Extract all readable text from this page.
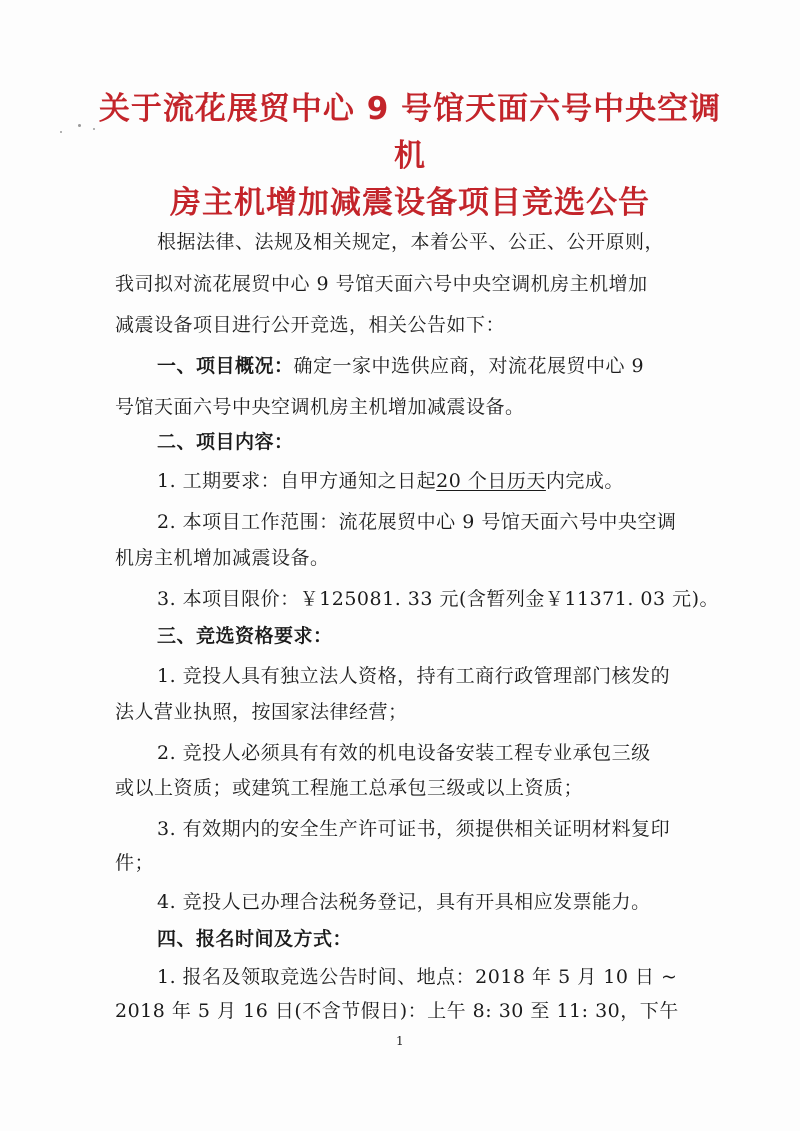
关于流花展贸中心 9 号馆天面六号中央空调机
房主机增加减震设备项目竞选公告
根据法律、法规及相关规定，本着公平、公正、公开原则，
我司拟对流花展贸中心 9 号馆天面六号中央空调机房主机增加
减震设备项目进行公开竞选，相关公告如下：
一、项目概况：确定一家中选供应商，对流花展贸中心 9
号馆天面六号中央空调机房主机增加减震设备。
二、项目内容：
1. 工期要求：自甲方通知之日起20 个日历天内完成。
2. 本项目工作范围：流花展贸中心 9 号馆天面六号中央空调
机房主机增加减震设备。
3. 本项目限价：￥125081. 33 元(含暂列金￥11371. 03 元)。
三、竞选资格要求：
1. 竞投人具有独立法人资格，持有工商行政管理部门核发的
法人营业执照，按国家法律经营；
2. 竞投人必须具有有效的机电设备安装工程专业承包三级
或以上资质；或建筑工程施工总承包三级或以上资质；
3. 有效期内的安全生产许可证书，须提供相关证明材料复印
件；
4. 竞投人已办理合法税务登记，具有开具相应发票能力。
四、报名时间及方式：
1. 报名及领取竞选公告时间、地点：2018 年 5 月 10 日 ~
2018 年 5 月 16 日(不含节假日)：上午 8: 30 至 11: 30，下午
1
